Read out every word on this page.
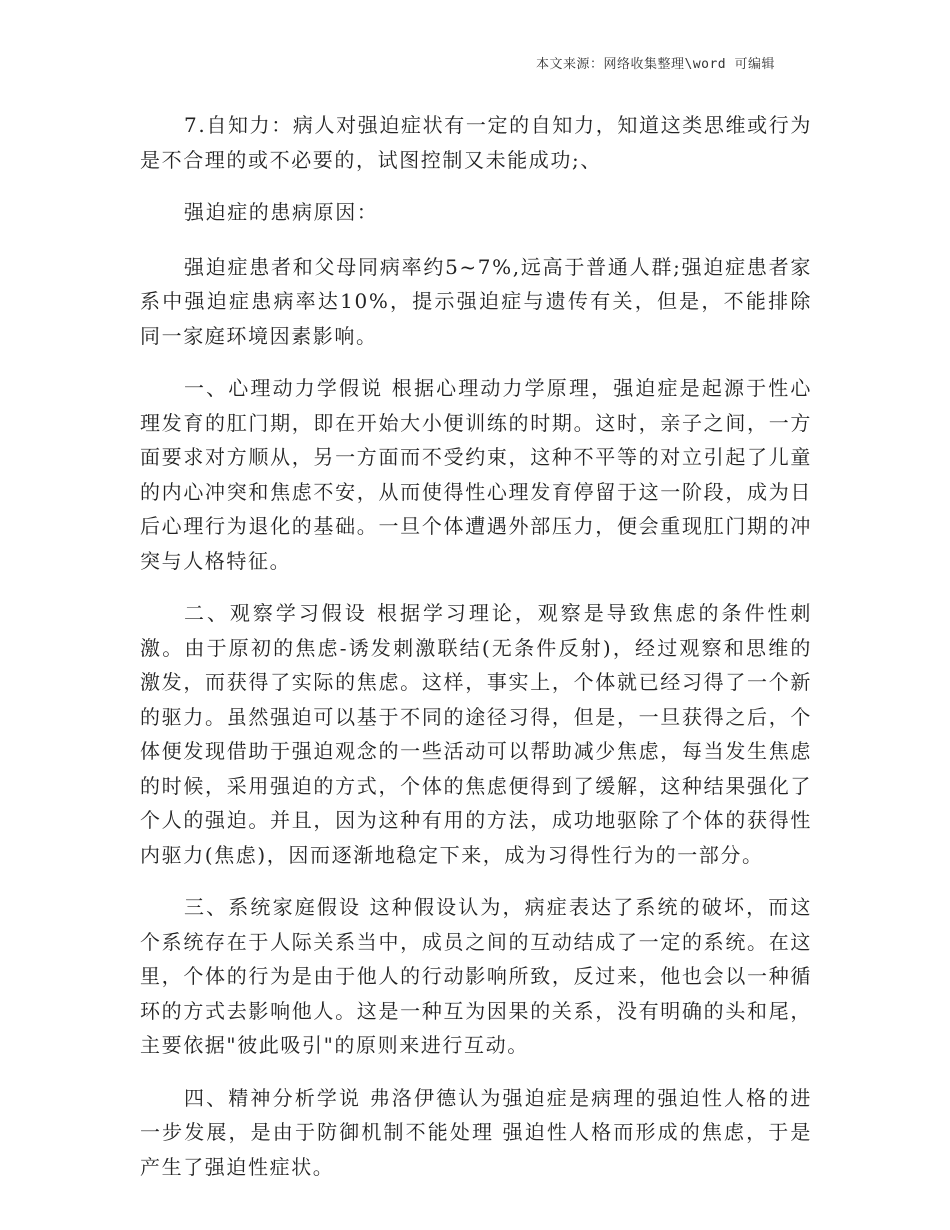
本文来源：网络收集整理\word 可编辑

7.自知力：病人对强迫症状有一定的自知力，知道这类思维或行为是不合理的或不必要的，试图控制又未能成功;、

强迫症的患病原因：

强迫症患者和父母同病率约5~7%,远高于普通人群;强迫症患者家系中强迫症患病率达10%，提示强迫症与遗传有关，但是，不能排除同一家庭环境因素影响。

一、心理动力学假说 根据心理动力学原理，强迫症是起源于性心理发育的肛门期，即在开始大小便训练的时期。这时，亲子之间，一方面要求对方顺从，另一方面而不受约束，这种不平等的对立引起了儿童的内心冲突和焦虑不安，从而使得性心理发育停留于这一阶段，成为日后心理行为退化的基础。一旦个体遭遇外部压力，便会重现肛门期的冲突与人格特征。

二、观察学习假设 根据学习理论，观察是导致焦虑的条件性刺激。由于原初的焦虑-诱发刺激联结(无条件反射)，经过观察和思维的激发，而获得了实际的焦虑。这样，事实上，个体就已经习得了一个新的驱力。虽然强迫可以基于不同的途径习得，但是，一旦获得之后，个体便发现借助于强迫观念的一些活动可以帮助减少焦虑，每当发生焦虑的时候，采用强迫的方式，个体的焦虑便得到了缓解，这种结果强化了个人的强迫。并且，因为这种有用的方法，成功地驱除了个体的获得性内驱力(焦虑)，因而逐渐地稳定下来，成为习得性行为的一部分。

三、系统家庭假设 这种假设认为，病症表达了系统的破坏，而这个系统存在于人际关系当中，成员之间的互动结成了一定的系统。在这里，个体的行为是由于他人的行动影响所致，反过来，他也会以一种循环的方式去影响他人。这是一种互为因果的关系，没有明确的头和尾，主要依据"彼此吸引"的原则来进行互动。

四、精神分析学说 弗洛伊德认为强迫症是病理的强迫性人格的进一步发展，是由于防御机制不能处理 强迫性人格而形成的焦虑，于是产生了强迫性症状。
